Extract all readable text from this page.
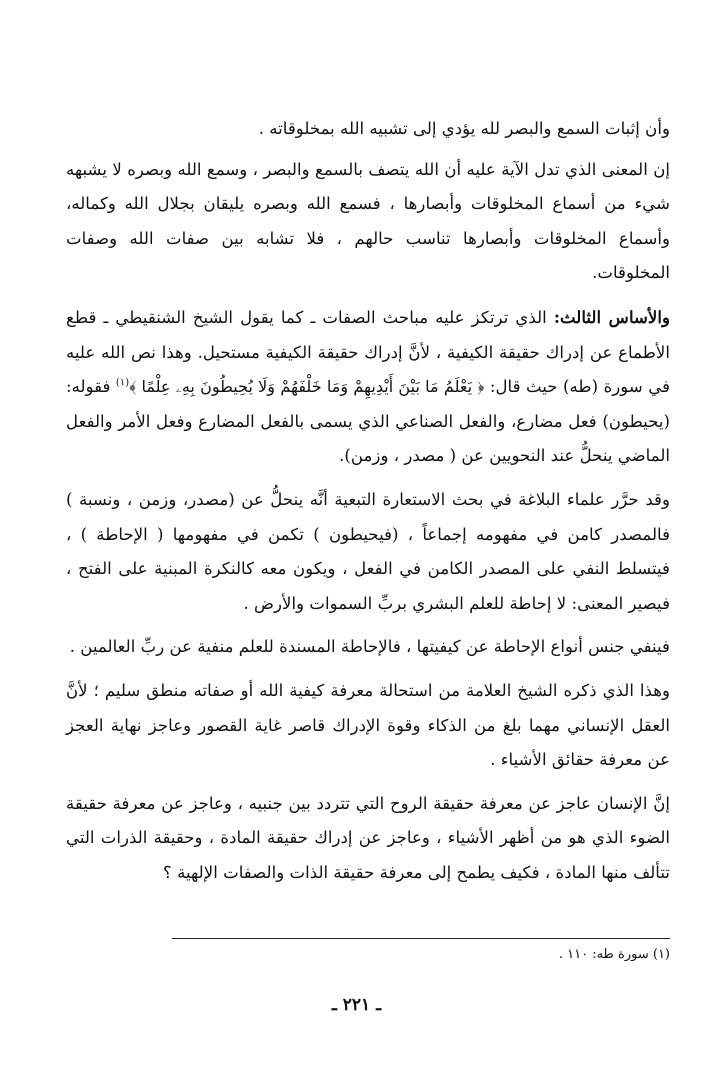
وأن إثبات السمع والبصر لله يؤدي إلى تشبيه الله بمخلوقاته .

إن المعنى الذي تدل الآية عليه أن الله يتصف بالسمع والبصر ، وسمع الله وبصره لا يشبهه شيء من أسماع المخلوقات وأبصارها ، فسمع الله وبصره يليقان بجلال الله وكماله، وأسماع المخلوقات وأبصارها تناسب حالهم ، فلا تشابه بين صفات الله وصفات المخلوقات.

والأساس الثالث: الذي ترتكز عليه مباحث الصفات ـ كما يقول الشيخ الشنقيطي ـ قطع الأطماع عن إدراك حقيقة الكيفية ، لأنَّ إدراك حقيقة الكيفية مستحيل. وهذا نص الله عليه في سورة (طه) حيث قال: ﴿ يَعْلَمُ مَا بَيْنَ أَيْدِيهِمْ وَمَا خَلْفَهُمْ وَلَا يُحِيطُونَ بِهِۦ عِلْمًا ﴾$^{(١)}$ فقوله: (يحيطون) فعل مضارع، والفعل الصناعي الذي يسمى بالفعل المضارع وفعل الأمر والفعل الماضي ينحلُّ عند النحويين عن ( مصدر ، وزمن).

وقد حرَّر علماء البلاغة في بحث الاستعارة التبعية أنَّه ينحلُّ عن (مصدر، وزمن ، ونسبة ) فالمصدر كامن في مفهومه إجماعاً ، (فيحيطون ) تكمن في مفهومها ( الإحاطة ) ، فيتسلط النفي على المصدر الكامن في الفعل ، ويكون معه كالنكرة المبنية على الفتح ، فيصير المعنى: لا إحاطة للعلم البشري بربِّ السموات والأرض .

فينفي جنس أنواع الإحاطة عن كيفيتها ، فالإحاطة المسندة للعلم منفية عن ربِّ العالمين .

وهذا الذي ذكره الشيخ العلامة من استحالة معرفة كيفية الله أو صفاته منطق سليم ؛ لأنَّ العقل الإنساني مهما بلغ من الذكاء وقوة الإدراك قاصر غاية القصور وعاجز نهاية العجز عن معرفة حقائق الأشياء .

إنَّ الإنسان عاجز عن معرفة حقيقة الروح التي تتردد بين جنبيه ، وعاجز عن معرفة حقيقة الضوء الذي هو من أظهر الأشياء ، وعاجز عن إدراك حقيقة المادة ، وحقيقة الذرات التي تتألف منها المادة ، فكيف يطمح إلى معرفة حقيقة الذات والصفات الإلهية ؟

(١) سورة طه: ١١٠ .
ـ ٢٢١ ـ
